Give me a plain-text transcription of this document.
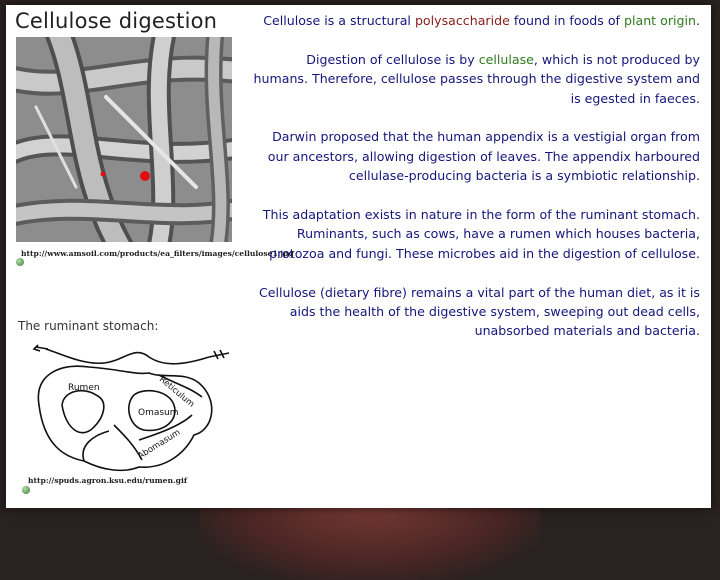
Cellulose digestion
http://www.amsoil.com/products/ea_filters/images/cellulose1.jpg
The ruminant stomach:
Rumen	Reticulum
Omasum
Abomasum
http://spuds.agron.ksu.edu/rumen.gif

Cellulose is a structural polysaccharide found in foods of plant origin.

Digestion of cellulose is by cellulase, which is not produced by humans. Therefore, cellulose passes through the digestive system and is egested in faeces.

Darwin proposed that the human appendix is a vestigial organ from our ancestors, allowing digestion of leaves. The appendix harboured cellulase-producing bacteria is a symbiotic relationship.

This adaptation exists in nature in the form of the ruminant stomach. Ruminants, such as cows, have a rumen which houses bacteria, protozoa and fungi. These microbes aid in the digestion of cellulose.

Cellulose (dietary fibre) remains a vital part of the human diet, as it is aids the health of the digestive system, sweeping out dead cells, unabsorbed materials and bacteria.
